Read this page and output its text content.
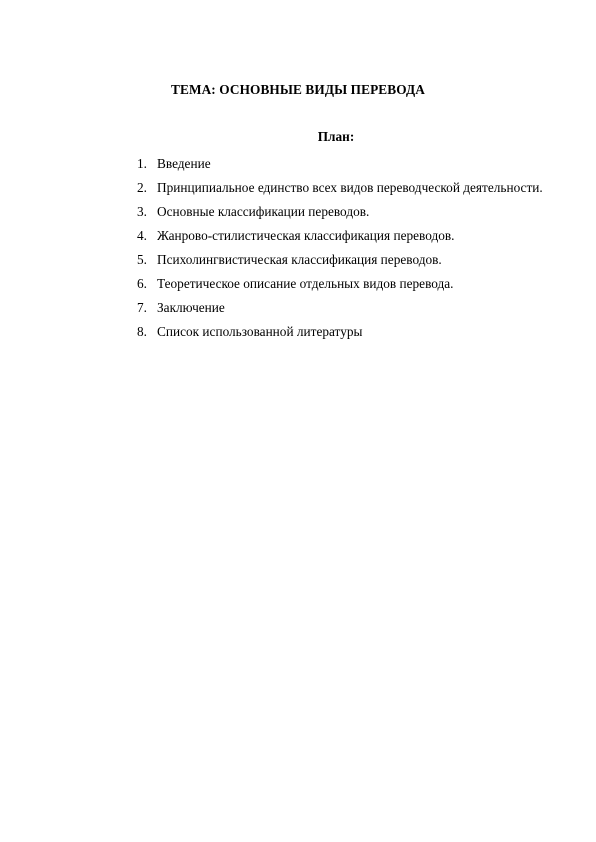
ТЕМА: ОСНОВНЫЕ ВИДЫ ПЕРЕВОДА
План:
1. Введение
2. Принципиальное единство всех видов переводческой деятельности.
3. Основные классификации переводов.
4. Жанрово-стилистическая классификация переводов.
5. Психолингвистическая классификация переводов.
6. Теоретическое описание отдельных видов перевода.
7. Заключение
8. Список использованной литературы
